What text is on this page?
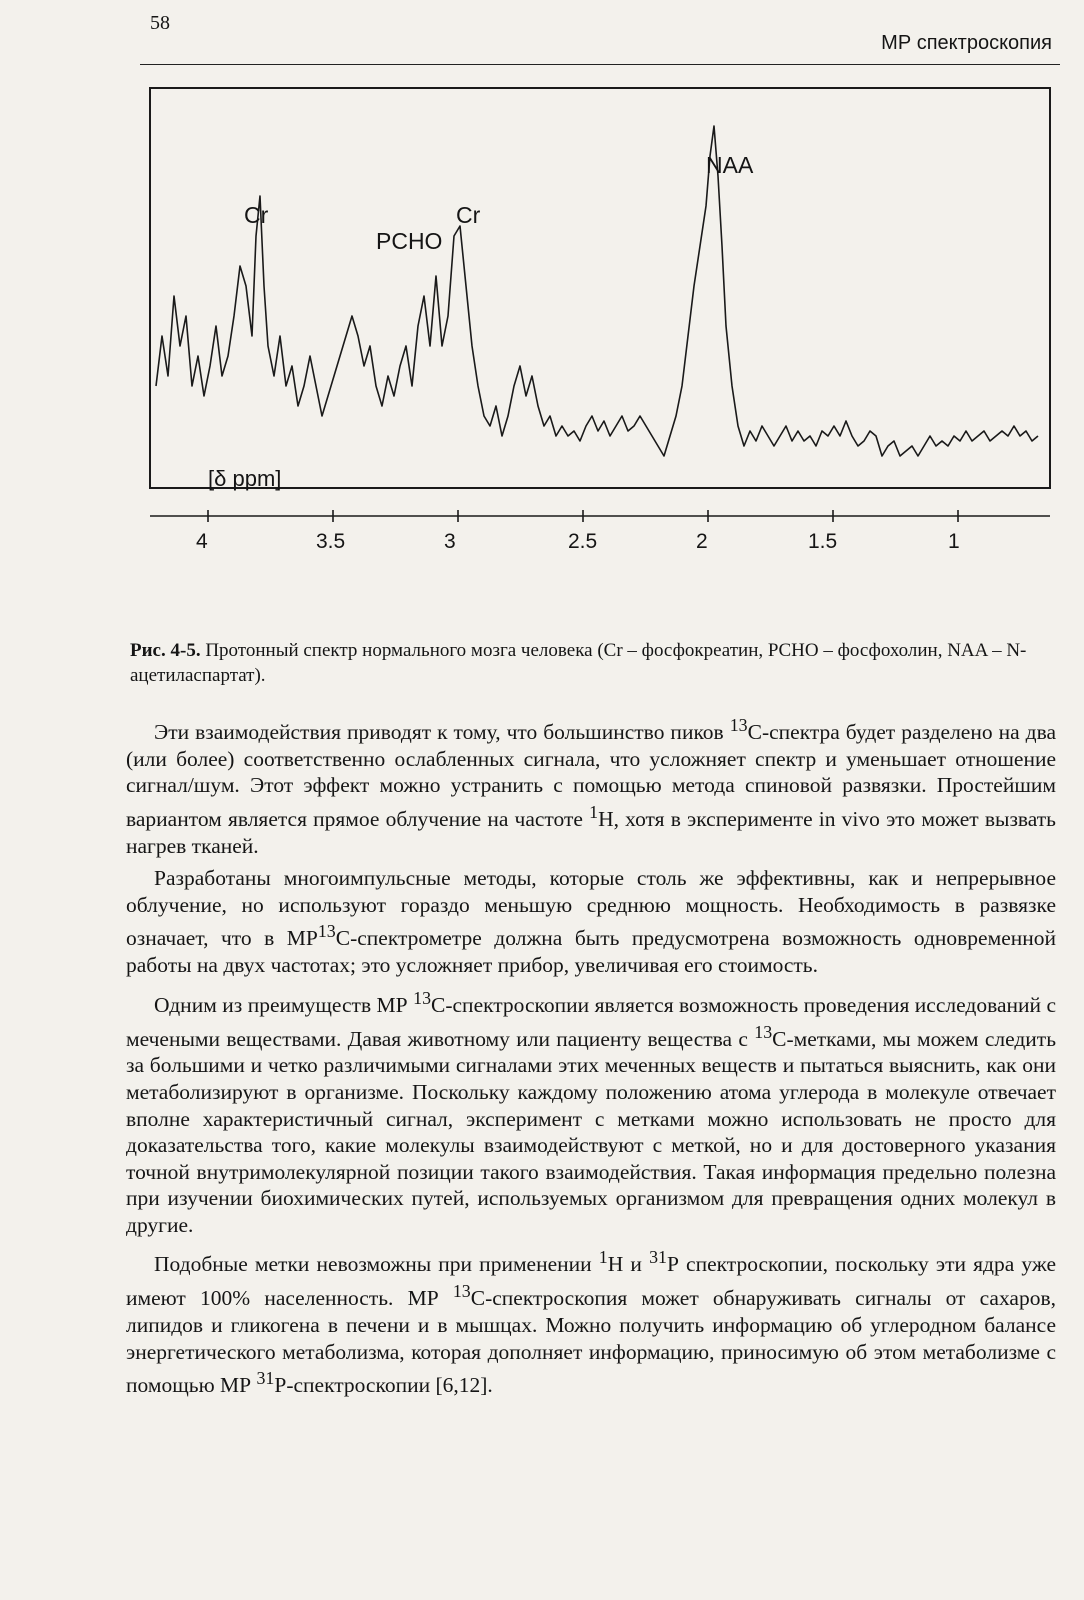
58
МР спектроскопия
Cr
PCHO
Cr
NAA
[δ ppm]
4	3.5	3	2.5	2	1.5	1
Рис. 4-5. Протонный спектр нормального мозга человека (Cr – фосфокреатин, PCHO – фосфохолин, NAA – N-ацетиласпартат).

Эти взаимодействия приводят к тому, что большинство пиков $^{13}$С-спектра будет разделено на два (или более) соответственно ослабленных сигнала, что усложняет спектр и уменьшает отношение сигнал/шум. Этот эффект можно устранить с помощью метода спиновой развязки. Простейшим вариантом является прямое облучение на частоте $^1$Н, хотя в эксперименте in vivo это может вызвать нагрев тканей.

Разработаны многоимпульсные методы, которые столь же эффективны, как и непрерывное облучение, но используют гораздо меньшую среднюю мощность. Необходимость в развязке означает, что в МР$^{13}$С-спектрометре должна быть предусмотрена возможность одновременной работы на двух частотах; это усложняет прибор, увеличивая его стоимость.

Одним из преимуществ МР $^{13}$С-спектроскопии является возможность проведения исследований с мечеными веществами. Давая животному или пациенту вещества с $^{13}$С-метками, мы можем следить за большими и четко различимыми сигналами этих меченных веществ и пытаться выяснить, как они метаболизируют в организме. Поскольку каждому положению атома углерода в молекуле отвечает вполне характеристичный сигнал, эксперимент с метками можно использовать не просто для доказательства того, какие молекулы взаимодействуют с меткой, но и для достоверного указания точной внутримолекулярной позиции такого взаимодействия. Такая информация предельно полезна при изучении биохимических путей, используемых организмом для превращения одних молекул в другие.

Подобные метки невозможны при применении $^1$Н и $^{31}$Р спектроскопии, поскольку эти ядра уже имеют 100% населенность. МР $^{13}$С-спектроскопия может обнаруживать сигналы от сахаров, липидов и гликогена в печени и в мышцах. Можно получить информацию об углеродном балансе энергетического метаболизма, которая дополняет информацию, приносимую об этом метаболизме с помощью МР $^{31}$Р-спектроскопии [6,12].
